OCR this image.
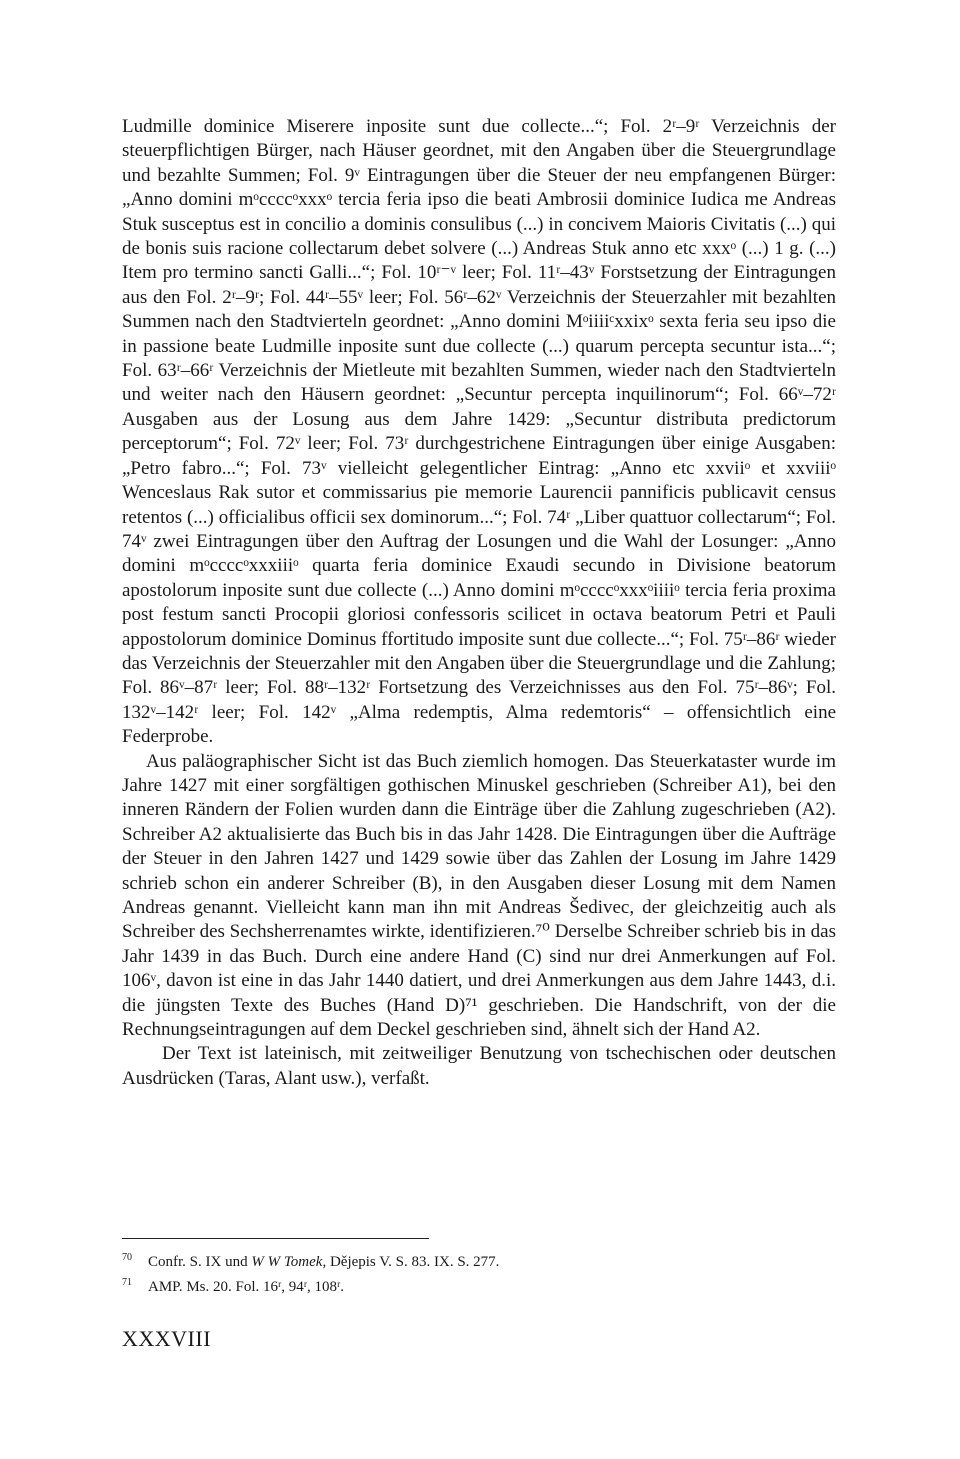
Ludmille dominice Miserere inposite sunt due collecte...“; Fol. 2ʳ–9ʳ Verzeichnis der steuerpflichtigen Bürger, nach Häuser geordnet, mit den Angaben über die Steuergrundlage und bezahlte Summen; Fol. 9ᵛ Eintragungen über die Steuer der neu empfangenen Bürger: „Anno domini mᵒccccᵒxxxᵒ tercia feria ipso die beati Ambrosii dominice Iudica me Andreas Stuk susceptus est in concilio a dominis consulibus (...) in concivem Maioris Civitatis (...) qui de bonis suis racione collectarum debet solvere (...) Andreas Stuk anno etc xxxᵒ (...) 1 g. (...) Item pro termino sancti Galli...“; Fol. 10ʳ⁻ᵛ leer; Fol. 11ʳ–43ᵛ Forstsetzung der Eintragungen aus den Fol. 2ʳ–9ʳ; Fol. 44ʳ–55ᵛ leer; Fol. 56ʳ–62ᵛ Verzeichnis der Steuerzahler mit bezahlten Summen nach den Stadtvierteln geordnet: „Anno domini Mᵒiiiiᶜxxixᵒ sexta feria seu ipso die in passione beate Ludmille inposite sunt due collecte (...) quarum percepta secuntur ista...“; Fol. 63ʳ–66ʳ Verzeichnis der Mietleute mit bezahlten Summen, wieder nach den Stadtvierteln und weiter nach den Häusern geordnet: „Secuntur percepta inquilinorum“; Fol. 66ᵛ–72ʳ Ausgaben aus der Losung aus dem Jahre 1429: „Secuntur distributa predictorum perceptorum“; Fol. 72ᵛ leer; Fol. 73ʳ durchgestrichene Eintragungen über einige Ausgaben: „Petro fabro...“; Fol. 73ᵛ vielleicht gelegentlicher Eintrag: „Anno etc xxviiᵒ et xxviiiᵒ Wenceslaus Rak sutor et commissarius pie memorie Laurencii pannificis publicavit census retentos (...) officialibus officii sex dominorum...“; Fol. 74ʳ „Liber quattuor collectarum“; Fol. 74ᵛ zwei Eintragungen über den Auftrag der Losungen und die Wahl der Losunger: „Anno domini mᵒccccᵒxxxiiiᵒ quarta feria dominice Exaudi secundo in Divisione beatorum apostolorum inposite sunt due collecte (...) Anno domini mᵒccccᵒxxxᵒiiiiᵒ tercia feria proxima post festum sancti Procopii gloriosi confessoris scilicet in octava beatorum Petri et Pauli appostolorum dominice Dominus ffortitudo imposite sunt due collecte...“; Fol. 75ʳ–86ʳ wieder das Verzeichnis der Steuerzahler mit den Angaben über die Steuergrundlage und die Zahlung; Fol. 86ᵛ–87ʳ leer; Fol. 88ʳ–132ʳ Fortsetzung des Verzeichnisses aus den Fol. 75ʳ–86ᵛ; Fol. 132ᵛ–142ʳ leer; Fol. 142ᵛ „Alma redemptis, Alma redemtoris“ – offensichtlich eine Federprobe.

Aus paläographischer Sicht ist das Buch ziemlich homogen. Das Steuerkataster wurde im Jahre 1427 mit einer sorgfältigen gothischen Minuskel geschrieben (Schreiber A1), bei den inneren Rändern der Folien wurden dann die Einträge über die Zahlung zugeschrieben (A2). Schreiber A2 aktualisierte das Buch bis in das Jahr 1428. Die Eintragungen über die Aufträge der Steuer in den Jahren 1427 und 1429 sowie über das Zahlen der Losung im Jahre 1429 schrieb schon ein anderer Schreiber (B), in den Ausgaben dieser Losung mit dem Namen Andreas genannt. Vielleicht kann man ihn mit Andreas Šedivec, der gleichzeitig auch als Schreiber des Sechsherrenamtes wirkte, identifizieren.⁷⁰ Derselbe Schreiber schrieb bis in das Jahr 1439 in das Buch. Durch eine andere Hand (C) sind nur drei Anmerkungen auf Fol. 106ᵛ, davon ist eine in das Jahr 1440 datiert, und drei Anmerkungen aus dem Jahre 1443, d.i. die jüngsten Texte des Buches (Hand D)⁷¹ geschrieben. Die Handschrift, von der die Rechnungseintragungen auf dem Deckel geschrieben sind, ähnelt sich der Hand A2.

Der Text ist lateinisch, mit zeitweiliger Benutzung von tschechischen oder deutschen Ausdrücken (Taras, Alant usw.), verfaßt.

$^{70}$ Confr. S. IX und W W Tomek, Dějepis V. S. 83. IX. S. 277.

$^{71}$ AMP. Ms. 20. Fol. 16ʳ, 94ʳ, 108ʳ.

XXXVIII
